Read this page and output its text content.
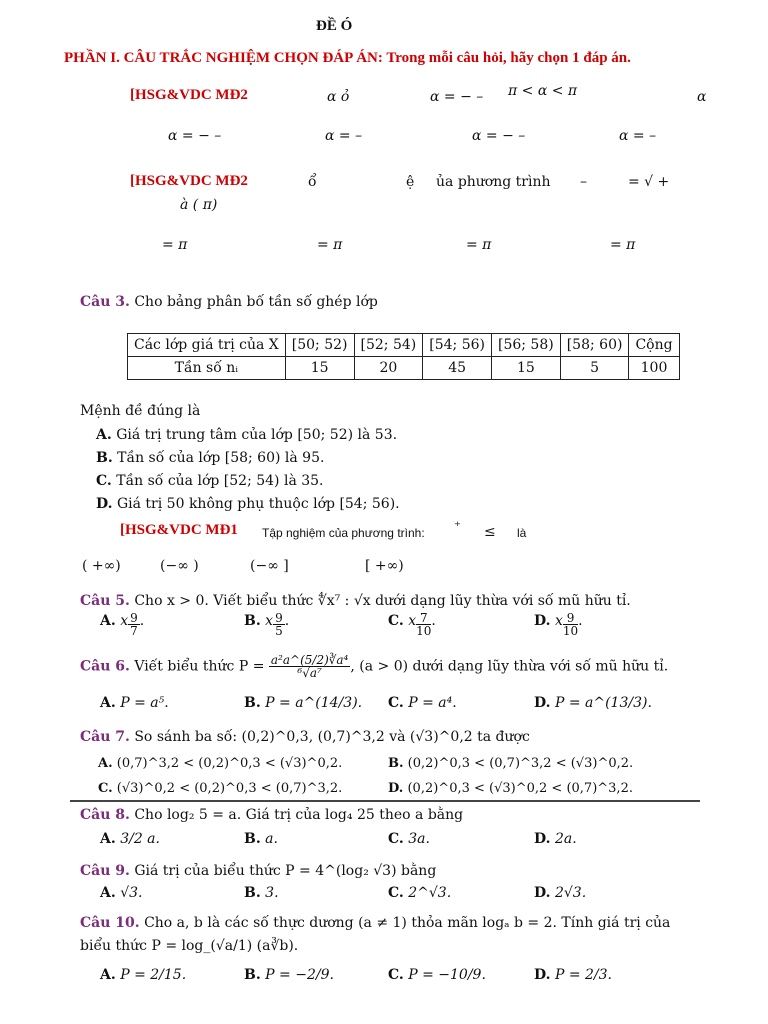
ĐỀ Ó
PHẦN I. CÂU TRẮC NGHIỆM CHỌN ĐÁP ÁN: Trong mỗi câu hỏi, hãy chọn 1 đáp án.
[HSG&VDC MĐ2	α ỏ	α = − – π < α < π	α
α = − –	α = –	α = − –	α = –
[HSG&VDC MĐ2	ổ	ệ ủa phương trình –	= √ +
à ( π)
= π	= π	= π	= π
Câu 3. Cho bảng phân bố tần số ghép lớp
Các lớp giá trị của X	[50; 52)	[52; 54)	[54; 56)	[56; 58)	[58; 60)	Cộng
Tần số nᵢ	15	20	45	15	5	100
Mệnh đề đúng là
A. Giá trị trung tâm của lớp [50; 52) là 53.
B. Tần số của lớp [58; 60) là 95.
C. Tần số của lớp [52; 54) là 35.
D. Giá trị 50 không phụ thuộc lớp [54; 56).
[HSG&VDC MĐ1 Tập nghiệm của phương trình: ⁺ ≤ là
( +∞)	(−∞ )	(−∞ ]	[ +∞)
Câu 5. Cho x > 0. Viết biểu thức ∜x⁷ : √x dưới dạng lũy thừa với số mũ hữu tỉ.
A. x $\frac{9}{7}$ .	B. x $\frac{9}{5}$ .	C. x $\frac{7}{10}$ .	D. x $\frac{9}{10}$ .
Câu 6. Viết biểu thức $P = \frac{\text{a²a\textasciicircum{}(5/2)∛a⁴}}{\text{⁶√a⁷}}$ , (a > 0) dưới dạng lũy thừa với số mũ hữu tỉ.
A. P = a⁵.	B. P = a^(14/3). C. P = a⁴.	D. P = a^(13/3).
Câu 7. So sánh ba số: (0,2)^0,3, (0,7)^3,2 và (√3)^0,2 ta được
A. (0,7)^3,2 < (0,2)^0,3 < (√3)^0,2.	B. (0,2)^0,3 < (0,7)^3,2 < (√3)^0,2.
C. (√3)^0,2 < (0,2)^0,3 < (0,7)^3,2.	D. (0,2)^0,3 < (√3)^0,2 < (0,7)^3,2.
Câu 8. Cho log₂ 5 = a. Giá trị của log₄ 25 theo a bằng
A. 3/2 a.	B. a.	C. 3a.	D. 2a.
Câu 9. Giá trị của biểu thức P = 4^(log₂ √3) bằng
A. √3.	B. 3.	C. 2^√3.	D. 2√3.
Câu 10. Cho a, b là các số thực dương (a ≠ 1) thỏa mãn logₐ b = 2. Tính giá trị của
biểu thức P = log_(√a/1) (a∛b).
A. P = 2/15.	B. P = −2/9.	C. P = −10/9.	D. P = 2/3.
